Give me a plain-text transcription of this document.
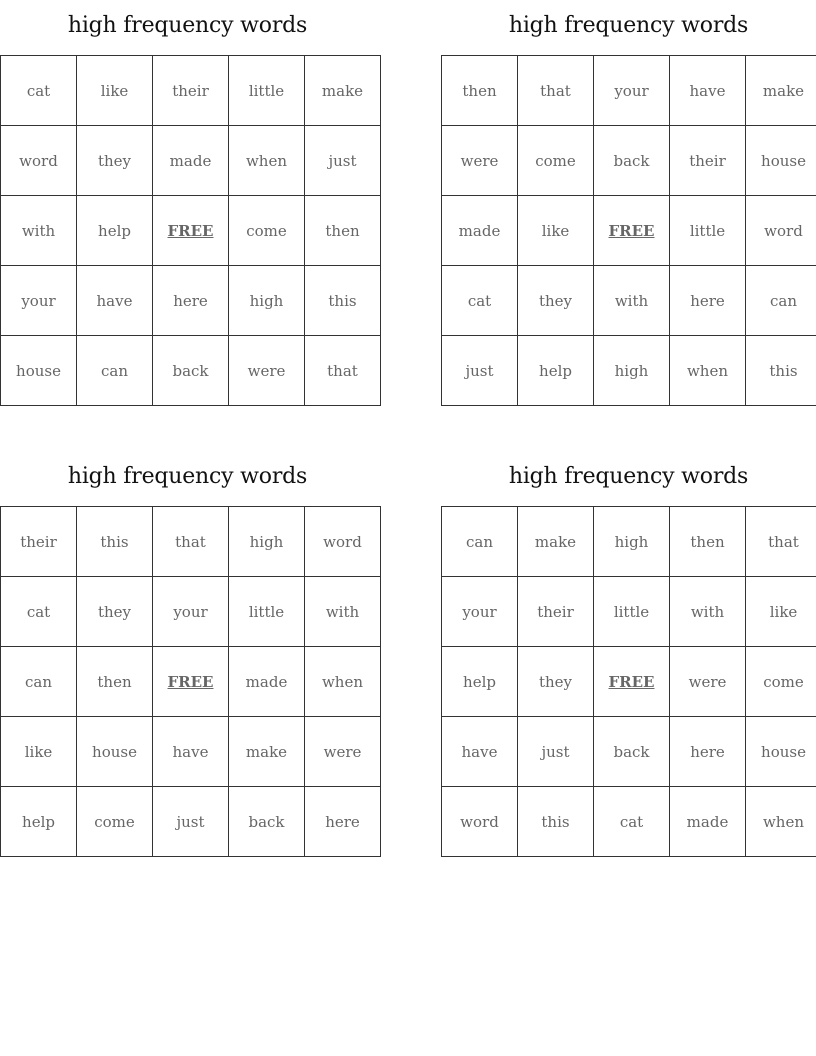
high frequency words
cat	like	their	little	make
word	they	made	when	just
with	help	FREE	come	then
your	have	here	high	this
house	can	back	were	that
high frequency words
then	that	your	have	make
were	come	back	their	house
made	like	FREE	little	word
cat	they	with	here	can
just	help	high	when	this
high frequency words
their	this	that	high	word
cat	they	your	little	with
can	then	FREE	made	when
like	house	have	make	were
help	come	just	back	here
high frequency words
can	make	high	then	that
your	their	little	with	like
help	they	FREE	were	come
have	just	back	here	house
word	this	cat	made	when
